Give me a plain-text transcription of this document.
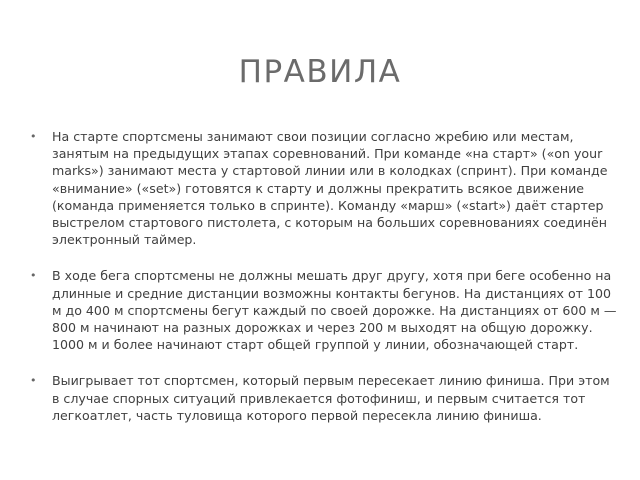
ПРАВИЛА
•	На старте спортсмены занимают свои позиции согласно жребию или местам, занятым на предыдущих этапах соревнований. При команде «на старт» («on your marks») занимают места у стартовой линии или в колодках (спринт). При команде «внимание» («set») готовятся к старту и должны прекратить всякое движение (команда применяется только в спринте). Команду «марш» («start») даёт стартер выстрелом стартового пистолета, с которым на больших соревнованиях соединён электронный таймер.
•	В ходе бега спортсмены не должны мешать друг другу, хотя при беге особенно на длинные и средние дистанции возможны контакты бегунов. На дистанциях от 100 м до 400 м спортсмены бегут каждый по своей дорожке. На дистанциях от 600 м — 800 м начинают на разных дорожках и через 200 м выходят на общую дорожку. 1000 м и более начинают старт общей группой у линии, обозначающей старт.
•	Выигрывает тот спортсмен, который первым пересекает линию финиша. При этом в случае спорных ситуаций привлекается фотофиниш, и первым считается тот легкоатлет, часть туловища которого первой пересекла линию финиша.
